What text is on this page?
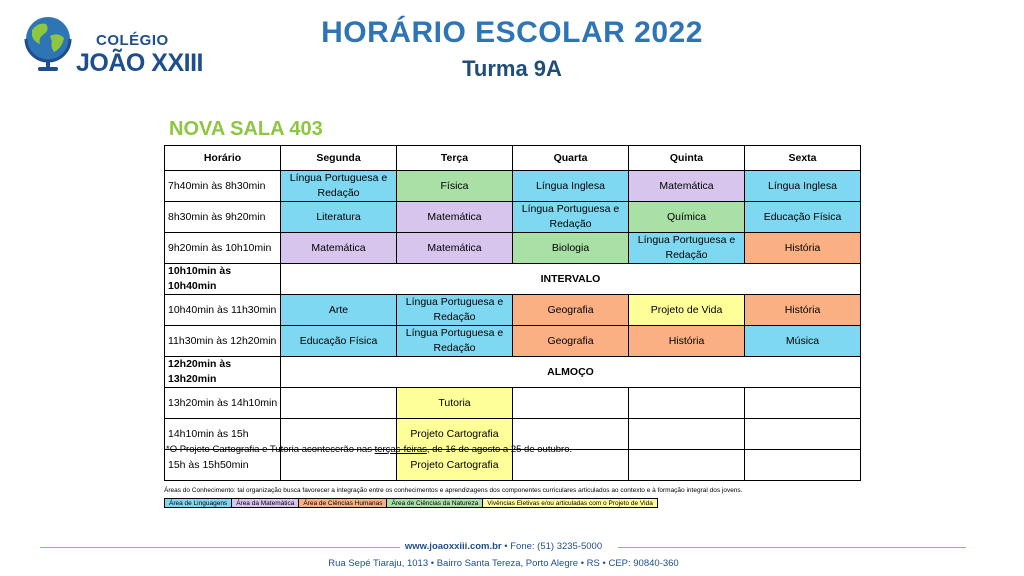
COLÉGIO
JOÃO XXIII
HORÁRIO ESCOLAR 2022
Turma 9A
NOVA SALA 403
Horário	Segunda	Terça	Quarta	Quinta	Sexta
7h40min às 8h30min	Língua Portuguesa e Redação	Física	Língua Inglesa	Matemática	Língua Inglesa
8h30min às 9h20min	Literatura	Matemática	Língua Portuguesa e Redação	Química	Educação Física
9h20min às 10h10min	Matemática	Matemática	Biologia	Língua Portuguesa e Redação	História
10h10min às 10h40min	INTERVALO				
10h40min às 11h30min	Arte	Língua Portuguesa e Redação	Geografia	Projeto de Vida	História
11h30min às 12h20min	Educação Física	Língua Portuguesa e Redação	Geografia	História	Música
12h20min às 13h20min	ALMOÇO				
13h20min às 14h10min		Tutoria			
14h10min às 15h		Projeto Cartografia			
15h às 15h50min		Projeto Cartografia			
*O Projeto Cartografia e Tutoria acontecerão nas terças-feiras, de 16 de agosto a 25 de outubro.
Áreas do Conhecimento: tal organização busca favorecer a integração entre os conhecimentos e aprendizagens dos componentes curriculares articulados ao contexto e à formação integral dos jovens.
Área de Linguagens	Área da Matemática	Área de Ciências Humanas	Área de Ciências da Natureza	Vivências Eletivas e/ou articuladas com o Projeto de Vida
www.joaoxxiii.com.br • Fone: (51) 3235-5000
Rua Sepé Tiaraju, 1013 • Bairro Santa Tereza, Porto Alegre • RS • CEP: 90840-360
